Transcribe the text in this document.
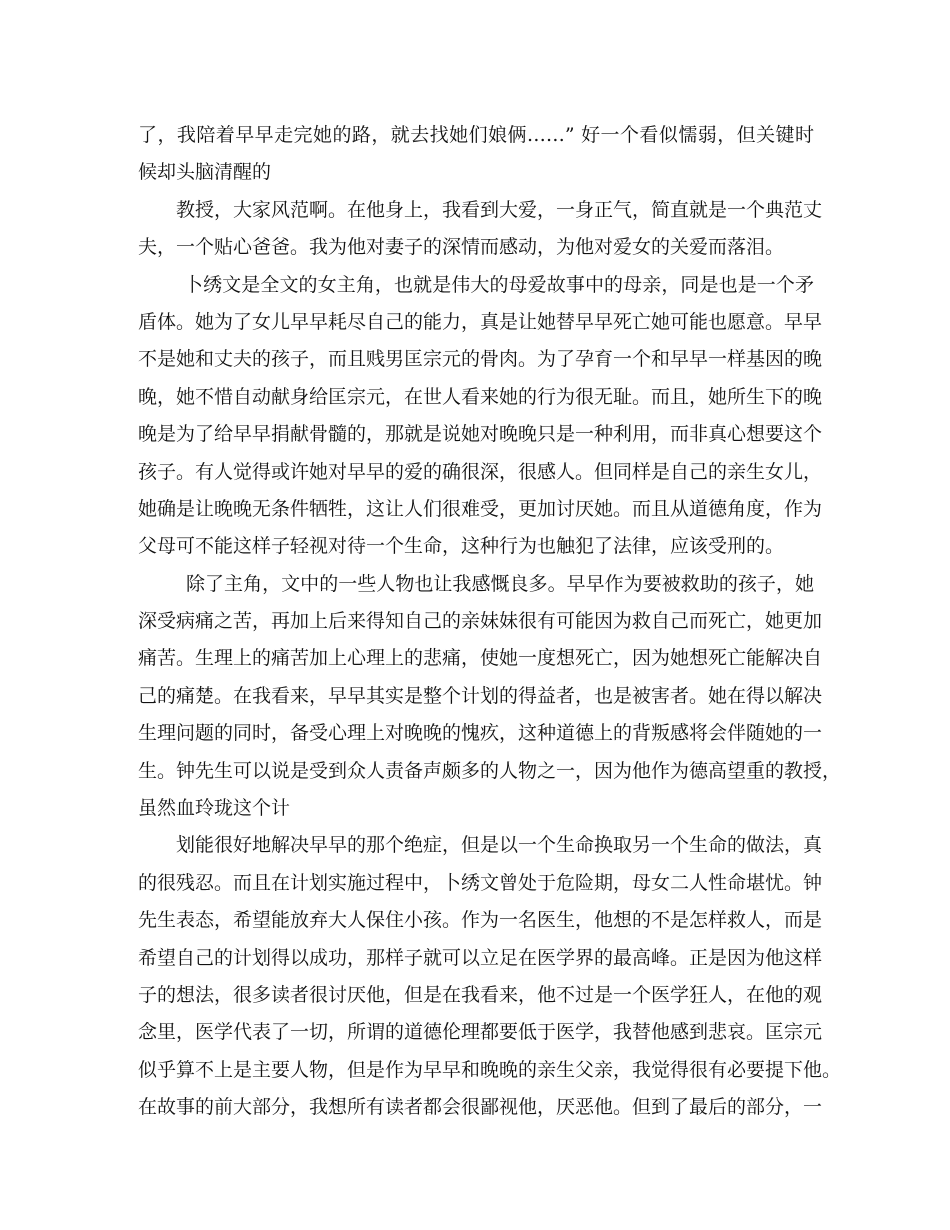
了，我陪着早早走完她的路，就去找她们娘俩……” 好一个看似懦弱，但关键时
候却头脑清醒的
教授，大家风范啊。在他身上，我看到大爱，一身正气，简直就是一个典范丈
夫，一个贴心爸爸。我为他对妻子的深情而感动，为他对爱女的关爱而落泪。
卜绣文是全文的女主角，也就是伟大的母爱故事中的母亲，同是也是一个矛
盾体。她为了女儿早早耗尽自己的能力，真是让她替早早死亡她可能也愿意。早早
不是她和丈夫的孩子，而且贱男匡宗元的骨肉。为了孕育一个和早早一样基因的晚
晚，她不惜自动献身给匡宗元，在世人看来她的行为很无耻。而且，她所生下的晚
晚是为了给早早捐献骨髓的，那就是说她对晚晚只是一种利用，而非真心想要这个
孩子。有人觉得或许她对早早的爱的确很深，很感人。但同样是自己的亲生女儿，
她确是让晚晚无条件牺牲，这让人们很难受，更加讨厌她。而且从道德角度，作为
父母可不能这样子轻视对待一个生命，这种行为也触犯了法律，应该受刑的。
除了主角，文中的一些人物也让我感慨良多。早早作为要被救助的孩子，她
深受病痛之苦，再加上后来得知自己的亲妹妹很有可能因为救自己而死亡，她更加
痛苦。生理上的痛苦加上心理上的悲痛，使她一度想死亡，因为她想死亡能解决自
己的痛楚。在我看来，早早其实是整个计划的得益者，也是被害者。她在得以解决
生理问题的同时，备受心理上对晚晚的愧疚，这种道德上的背叛感将会伴随她的一
生。钟先生可以说是受到众人责备声颇多的人物之一，因为他作为德高望重的教授，
虽然血玲珑这个计
划能很好地解决早早的那个绝症，但是以一个生命换取另一个生命的做法，真
的很残忍。而且在计划实施过程中，卜绣文曾处于危险期，母女二人性命堪忧。钟
先生表态，希望能放弃大人保住小孩。作为一名医生，他想的不是怎样救人，而是
希望自己的计划得以成功，那样子就可以立足在医学界的最高峰。正是因为他这样
子的想法，很多读者很讨厌他，但是在我看来，他不过是一个医学狂人，在他的观
念里，医学代表了一切，所谓的道德伦理都要低于医学，我替他感到悲哀。匡宗元
似乎算不上是主要人物，但是作为早早和晚晚的亲生父亲，我觉得很有必要提下他。
在故事的前大部分，我想所有读者都会很鄙视他，厌恶他。但到了最后的部分，一
